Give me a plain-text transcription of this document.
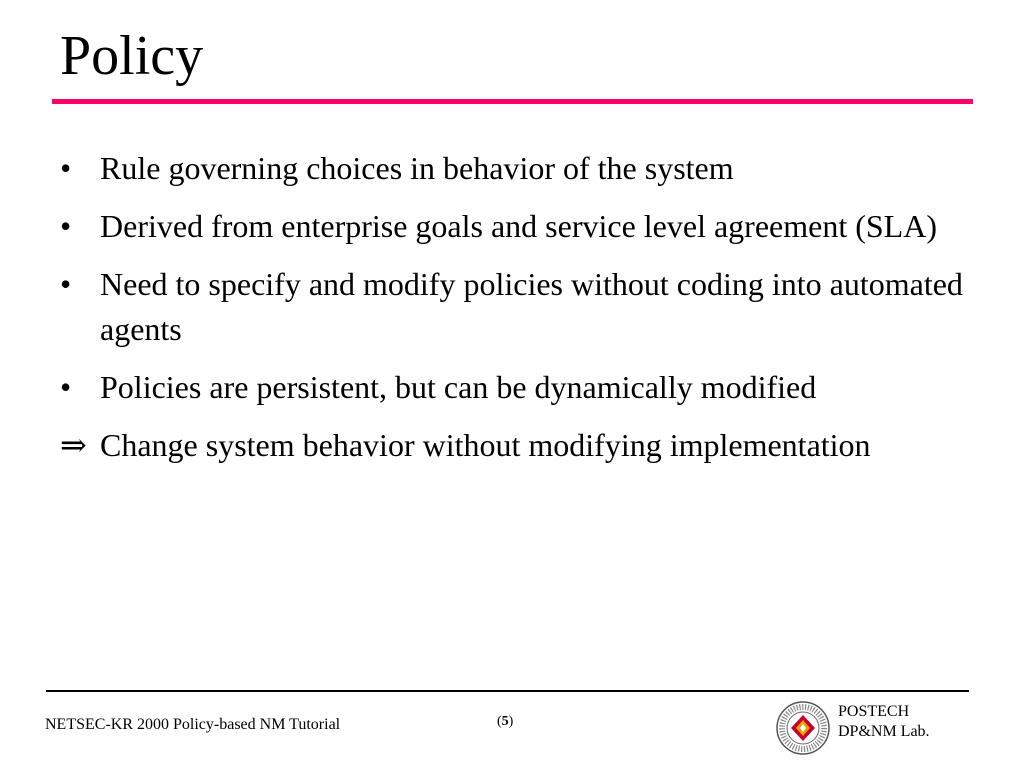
Policy
• Rule governing choices in behavior of the system
• Derived from enterprise goals and service level agreement (SLA)
• Need to specify and modify policies without coding into automated agents
• Policies are persistent, but can be dynamically modified
⇒ Change system behavior without modifying implementation
NETSEC-KR 2000 Policy-based NM Tutorial	(5)
POSTECH
DP&NM Lab.
